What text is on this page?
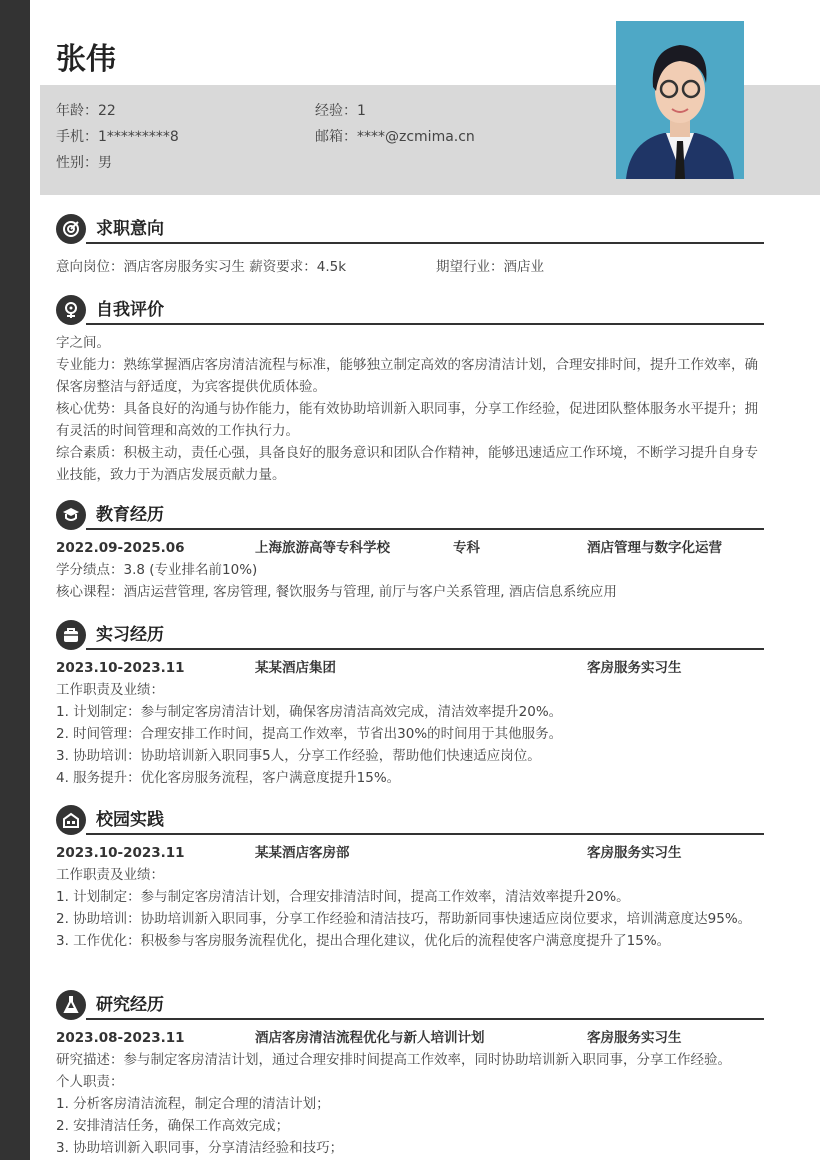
张伟
年龄：22	经验：1
手机：1*********8	邮箱：****@zcmima.cn
性别：男
求职意向
意向岗位：酒店客房服务实习生 薪资要求：4.5k	期望行业：酒店业
自我评价

字之间。

专业能力：熟练掌握酒店客房清洁流程与标准，能够独立制定高效的客房清洁计划，合理安排时间，提升工作效率，确保客房整洁与舒适度，为宾客提供优质体验。

核心优势：具备良好的沟通与协作能力，能有效协助培训新入职同事，分享工作经验，促进团队整体服务水平提升；拥有灵活的时间管理和高效的工作执行力。

综合素质：积极主动，责任心强，具备良好的服务意识和团队合作精神，能够迅速适应工作环境，不断学习提升自身专业技能，致力于为酒店发展贡献力量。

教育经历
2022.09-2025.06	上海旅游高等专科学校	专科	酒店管理与数字化运营

学分绩点：3.8 (专业排名前10%)

核心课程：酒店运营管理, 客房管理, 餐饮服务与管理, 前厅与客户关系管理, 酒店信息系统应用

实习经历
2023.10-2023.11	某某酒店集团	客房服务实习生

工作职责及业绩：

1. 计划制定：参与制定客房清洁计划，确保客房清洁高效完成，清洁效率提升20%。

2. 时间管理：合理安排工作时间，提高工作效率，节省出30%的时间用于其他服务。

3. 协助培训：协助培训新入职同事5人，分享工作经验，帮助他们快速适应岗位。

4. 服务提升：优化客房服务流程，客户满意度提升15%。

校园实践
2023.10-2023.11	某某酒店客房部	客房服务实习生

工作职责及业绩：

1. 计划制定：参与制定客房清洁计划，合理安排清洁时间，提高工作效率，清洁效率提升20%。

2. 协助培训：协助培训新入职同事，分享工作经验和清洁技巧，帮助新同事快速适应岗位要求，培训满意度达95%。

3. 工作优化：积极参与客房服务流程优化，提出合理化建议，优化后的流程使客户满意度提升了15%。

研究经历
2023.08-2023.11	酒店客房清洁流程优化与新人培训计划	客房服务实习生

研究描述：参与制定客房清洁计划，通过合理安排时间提高工作效率，同时协助培训新入职同事，分享工作经验。

个人职责：

1. 分析客房清洁流程，制定合理的清洁计划；

2. 安排清洁任务，确保工作高效完成；

3. 协助培训新入职同事，分享清洁经验和技巧；
